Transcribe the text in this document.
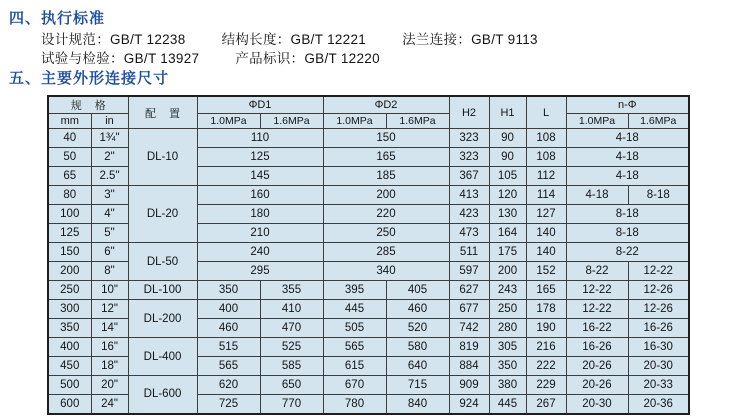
四、执行标准
设计规范：GB/T 12238	结构长度：GB/T 12221	法兰连接：GB/T 9113
试验与检验：GB/T 13927	产品标识：GB/T 12220
五、主要外形连接尺寸
规 格		配 置	ΦD1		ΦD2		H2	H1	L	n-Φ	
mm	in		1.0MPa	1.6MPa	1.0MPa	1.6MPa				1.0MPa	1.6MPa
40	1¾"	DL-10	110		150		323	90	108	4-18	
50	2"		125		165		323	90	108	4-18	
65	2.5"		145		185		367	105	112	4-18	
80	3"	DL-20	160		200		413	120	114	4-18	8-18
100	4"		180		220		423	130	127	8-18	
125	5"		210		250		473	164	140	8-18	
150	6"	DL-50	240		285		511	175	140	8-22	
200	8"		295		340		597	200	152	8-22	12-22
250	10"	DL-100	350	355	395	405	627	243	165	12-22	12-26
300	12"	DL-200	400	410	445	460	677	250	178	12-22	12-26
350	14"		460	470	505	520	742	280	190	16-22	16-26
400	16"	DL-400	515	525	565	580	819	305	216	16-26	16-30
450	18"		565	585	615	640	884	350	222	20-26	20-30
500	20"	DL-600	620	650	670	715	909	380	229	20-26	20-33
600	24"		725	770	780	840	924	445	267	20-30	20-36
